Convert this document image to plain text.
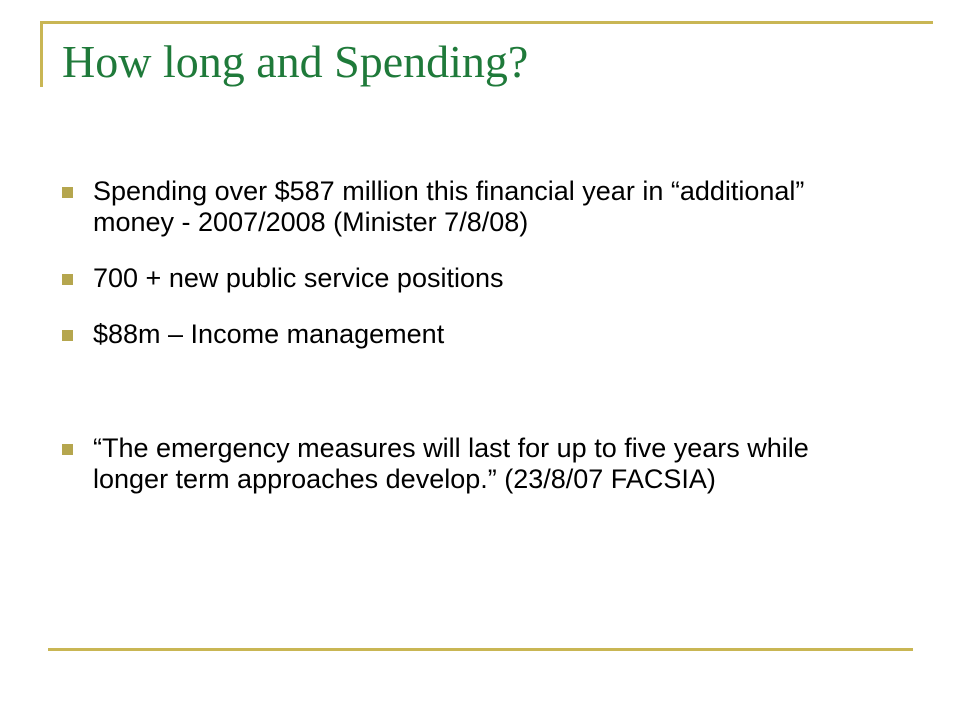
How long and Spending?
Spending over $587 million this financial year in “additional” money - 2007/2008 (Minister 7/8/08)
700 + new public service positions
$88m – Income management
“The emergency measures will last for up to five years while longer term approaches develop.” (23/8/07 FACSIA)
